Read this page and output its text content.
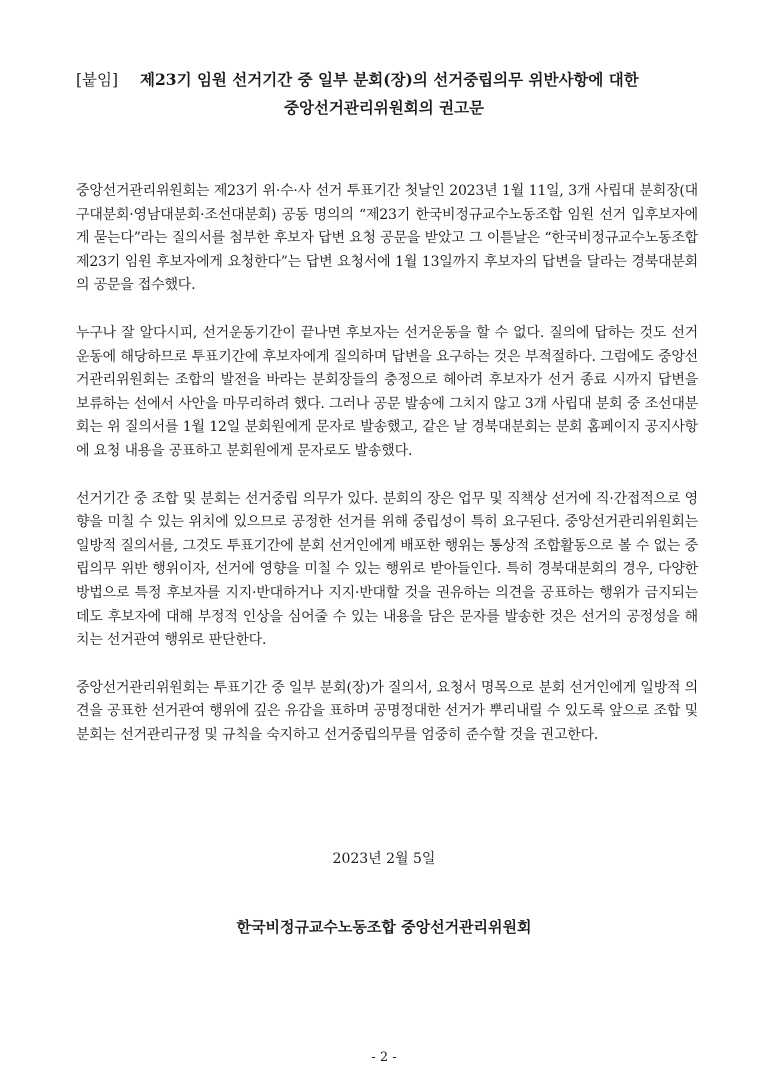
[붙임] 제23기 임원 선거기간 중 일부 분회(장)의 선거중립의무 위반사항에 대한
중앙선거관리위원회의 권고문

중앙선거관리위원회는 제23기 위·수·사 선거 투표기간 첫날인 2023년 1월 11일, 3개 사립대 분회장(대구대분회·영남대분회·조선대분회) 공동 명의의 “제23기 한국비정규교수노동조합 임원 선거 입후보자에게 묻는다”라는 질의서를 첨부한 후보자 답변 요청 공문을 받았고 그 이튿날은 “한국비정규교수노동조합 제23기 임원 후보자에게 요청한다”는 답변 요청서에 1월 13일까지 후보자의 답변을 달라는 경북대분회의 공문을 접수했다.

누구나 잘 알다시피, 선거운동기간이 끝나면 후보자는 선거운동을 할 수 없다. 질의에 답하는 것도 선거운동에 해당하므로 투표기간에 후보자에게 질의하며 답변을 요구하는 것은 부적절하다. 그럼에도 중앙선거관리위원회는 조합의 발전을 바라는 분회장들의 충정으로 헤아려 후보자가 선거 종료 시까지 답변을 보류하는 선에서 사안을 마무리하려 했다. 그러나 공문 발송에 그치지 않고 3개 사립대 분회 중 조선대분회는 위 질의서를 1월 12일 분회원에게 문자로 발송했고, 같은 날 경북대분회는 분회 홈페이지 공지사항에 요청 내용을 공표하고 분회원에게 문자로도 발송했다.

선거기간 중 조합 및 분회는 선거중립 의무가 있다. 분회의 장은 업무 및 직책상 선거에 직·간접적으로 영향을 미칠 수 있는 위치에 있으므로 공정한 선거를 위해 중립성이 특히 요구된다. 중앙선거관리위원회는 일방적 질의서를, 그것도 투표기간에 분회 선거인에게 배포한 행위는 통상적 조합활동으로 볼 수 없는 중립의무 위반 행위이자, 선거에 영향을 미칠 수 있는 행위로 받아들인다. 특히 경북대분회의 경우, 다양한 방법으로 특정 후보자를 지지·반대하거나 지지·반대할 것을 권유하는 의견을 공표하는 행위가 금지되는데도 후보자에 대해 부정적 인상을 심어줄 수 있는 내용을 담은 문자를 발송한 것은 선거의 공정성을 해치는 선거관여 행위로 판단한다.

중앙선거관리위원회는 투표기간 중 일부 분회(장)가 질의서, 요청서 명목으로 분회 선거인에게 일방적 의견을 공표한 선거관여 행위에 깊은 유감을 표하며 공명정대한 선거가 뿌리내릴 수 있도록 앞으로 조합 및 분회는 선거관리규정 및 규칙을 숙지하고 선거중립의무를 엄중히 준수할 것을 권고한다.

2023년 2월 5일
한국비정규교수노동조합 중앙선거관리위원회
- 2 -
